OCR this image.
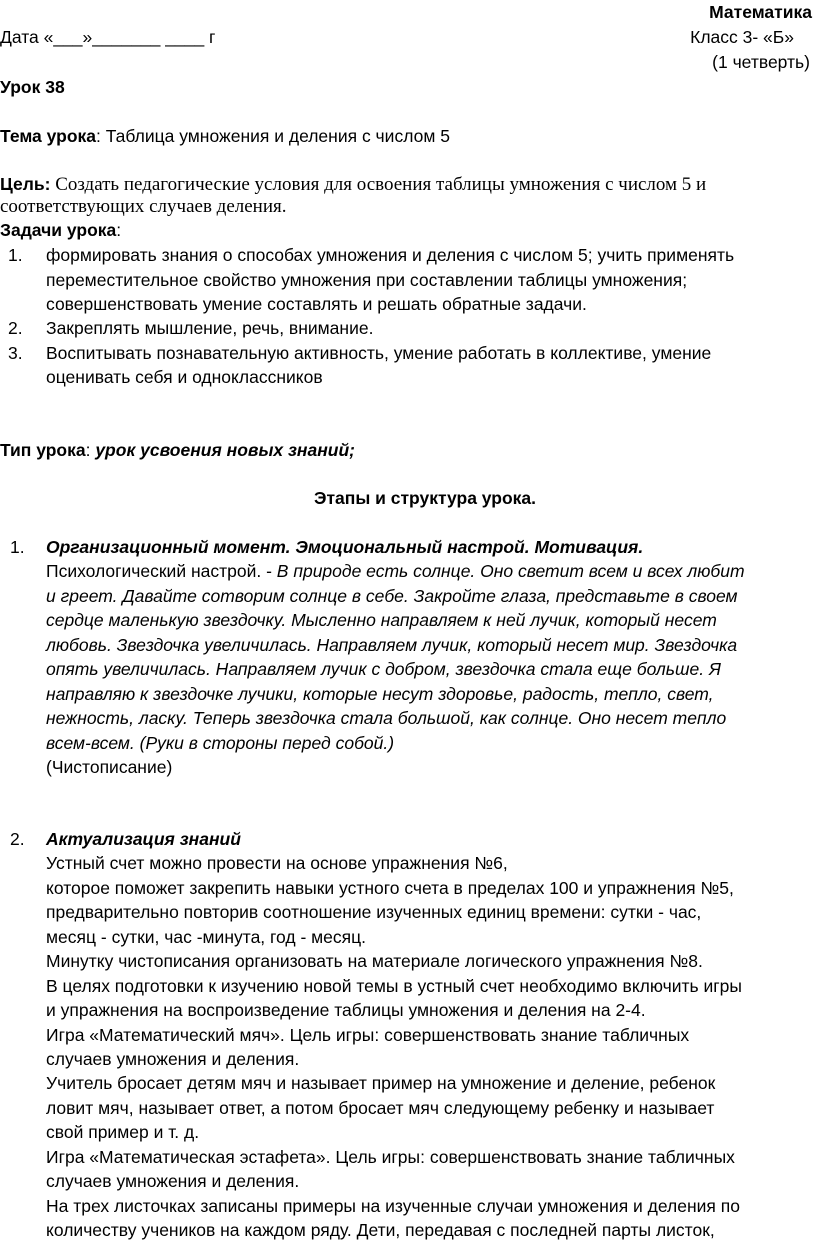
Математика
Дата «___»_______ ____ г	Класс 3- «Б»
(1 четверть)
Урок 38
Тема урока: Таблица умножения и деления с числом 5
Цель: Создать педагогические условия для освоения таблицы умножения с числом 5 и
соответствующих случаев деления.
Задачи урока:
1. формировать знания о способах умножения и деления с числом 5; учить применять
переместительное свойство умножения при составлении таблицы умножения;
совершенствовать умение составлять и решать обратные задачи.
2. Закреплять мышление, речь, внимание.
3. Воспитывать познавательную активность, умение работать в коллективе, умение
оценивать себя и одноклассников
Тип урока: урок усвоения новых знаний;
Этапы и структура урока.
1. Организационный момент. Эмоциональный настрой. Мотивация.
Психологический настрой. - В природе есть солнце. Оно светит всем и всех любит
и греет. Давайте сотворим солнце в себе. Закройте глаза, представьте в своем
сердце маленькую звездочку. Мысленно направляем к ней лучик, который несет
любовь. Звездочка увеличилась. Направляем лучик, который несет мир. Звездочка
опять увеличилась. Направляем лучик с добром, звездочка стала еще больше. Я
направляю к звездочке лучики, которые несут здоровье, радость, тепло, свет,
нежность, ласку. Теперь звездочка стала большой, как солнце. Оно несет тепло
всем-всем. (Руки в стороны перед собой.)
(Чистописание)
2. Актуализация знаний
Устный счет можно провести на основе упражнения №6,
которое поможет закрепить навыки устного счета в пределах 100 и упражнения №5,
предварительно повторив соотношение изученных единиц времени: сутки - час,
месяц - сутки, час -минута, год - месяц.
Минутку чистописания организовать на материале логического упражнения №8.
В целях подготовки к изучению новой темы в устный счет необходимо включить игры
и упражнения на воспроизведение таблицы умножения и деления на 2-4.
Игра «Математический мяч». Цель игры: совершенствовать знание табличных
случаев умножения и деления.
Учитель бросает детям мяч и называет пример на умножение и деление, ребенок
ловит мяч, называет ответ, а потом бросает мяч следующему ребенку и называет
свой пример и т. д.
Игра «Математическая эстафета». Цель игры: совершенствовать знание табличных
случаев умножения и деления.
На трех листочках записаны примеры на изученные случаи умножения и деления по
количеству учеников на каждом ряду. Дети, передавая с последней парты листок,
